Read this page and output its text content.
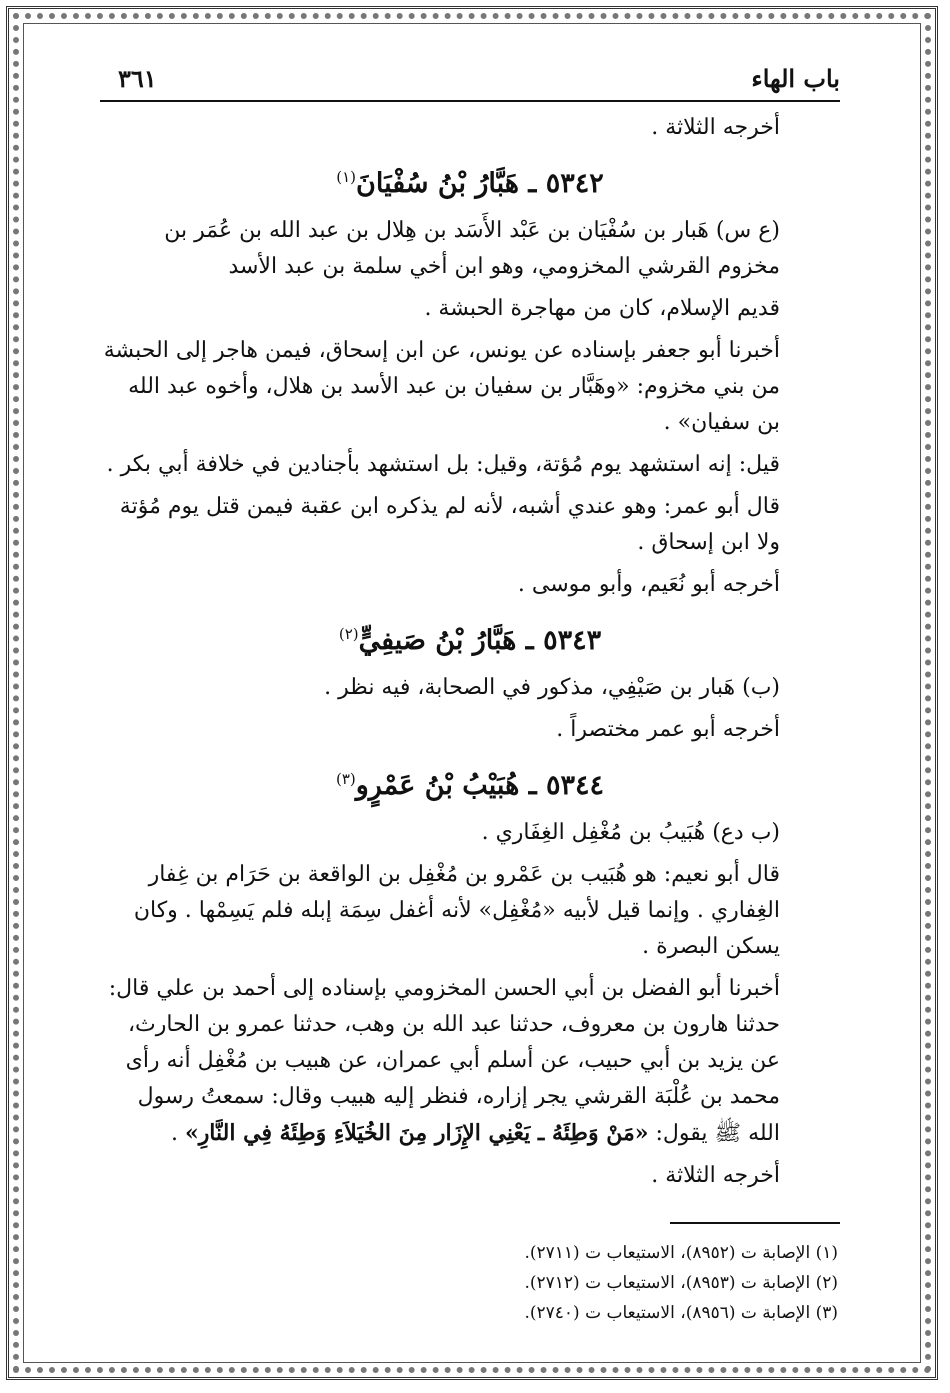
باب الهاء
٣٦١

أخرجه الثلاثة .

٥٣٤٢ ـ هَبَّارُ بْنُ سُفْيَانَ$^{(١)}$

(ع س) هَبار بن سُفْيَان بن عَبْد الأَسَد بن هِلال بن عبد الله بن عُمَر بن مخزوم القرشي المخزومي، وهو ابن أخي سلمة بن عبد الأسد

قديم الإسلام، كان من مهاجرة الحبشة .

أخبرنا أبو جعفر بإسناده عن يونس، عن ابن إسحاق، فيمن هاجر إلى الحبشة من بني مخزوم: «وهَبَّار بن سفيان بن عبد الأسد بن هلال، وأخوه عبد الله بن سفيان» .

قيل: إنه استشهد يوم مُؤتة، وقيل: بل استشهد بأجنادين في خلافة أبي بكر .

قال أبو عمر: وهو عندي أشبه، لأنه لم يذكره ابن عقبة فيمن قتل يوم مُؤتة ولا ابن إسحاق .

أخرجه أبو نُعَيم، وأبو موسى .

٥٣٤٣ ـ هَبَّارُ بْنُ صَيفِيٍّ$^{(٢)}$

(ب) هَبار بن صَيْفِي، مذكور في الصحابة، فيه نظر .

أخرجه أبو عمر مختصراً .

٥٣٤٤ ـ هُبَيْبُ بْنُ عَمْرٍو$^{(٣)}$

(ب دع) هُبَيبُ بن مُغْفِل الغِفَاري .

قال أبو نعيم: هو هُبَيب بن عَمْرو بن مُغْفِل بن الواقعة بن حَرَام بن غِفار الغِفاري . وإنما قيل لأبيه «مُغْفِل» لأنه أغفل سِمَة إبله فلم يَسِمْها . وكان يسكن البصرة .

أخبرنا أبو الفضل بن أبي الحسن المخزومي بإسناده إلى أحمد بن علي قال: حدثنا هارون بن معروف، حدثنا عبد الله بن وهب، حدثنا عمرو بن الحارث، عن يزيد بن أبي حبيب، عن أسلم أبي عمران، عن هبيب بن مُغْفِل أنه رأى محمد بن عُلْبَة القرشي يجر إزاره، فنظر إليه هبيب وقال: سمعتُ رسول الله ﷺ يقول: «مَنْ وَطِئَهُ ـ يَعْنِي الإِزَار مِنَ الخُيَلاَءِ وَطِئَهُ فِي النَّارِ» .

أخرجه الثلاثة .

(١) الإصابة ت (٨٩٥٢)، الاستيعاب ت (٢٧١١).

(٢) الإصابة ت (٨٩٥٣)، الاستيعاب ت (٢٧١٢).

(٣) الإصابة ت (٨٩٥٦)، الاستيعاب ت (٢٧٤٠).
